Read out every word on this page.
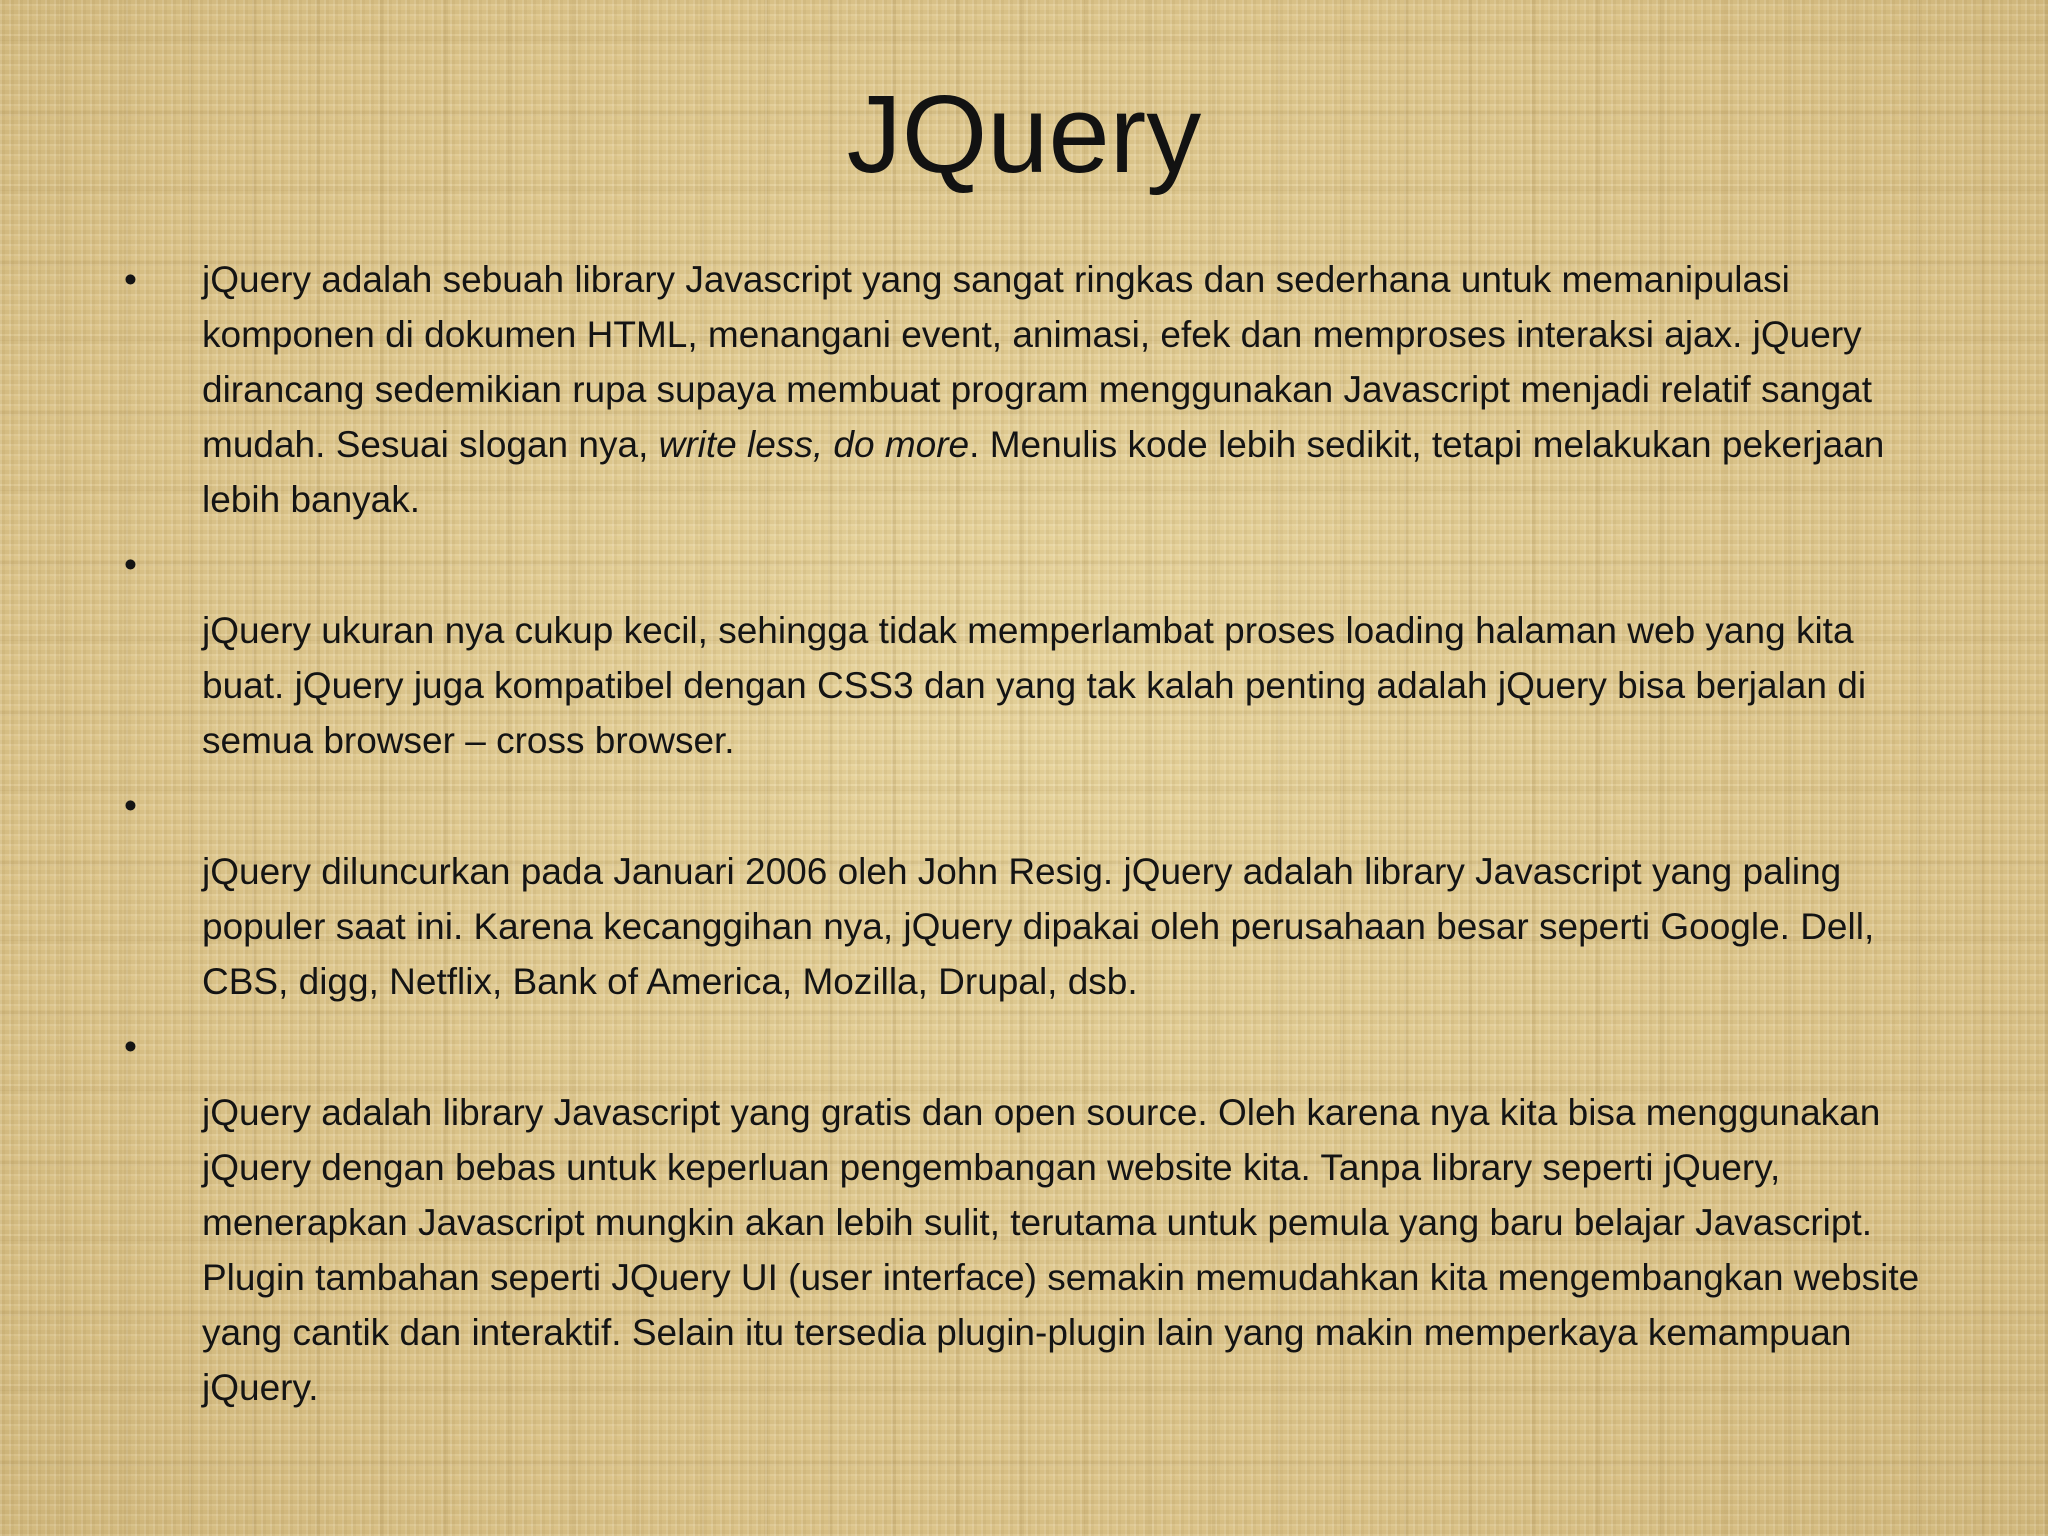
JQuery
• jQuery adalah sebuah library Javascript yang sangat ringkas dan sederhana untuk memanipulasi komponen di dokumen HTML, menangani event, animasi, efek dan memproses interaksi ajax. jQuery dirancang sedemikian rupa supaya membuat program menggunakan Javascript menjadi relatif sangat mudah. Sesuai slogan nya, write less, do more. Menulis kode lebih sedikit, tetapi melakukan pekerjaan lebih banyak.

•

jQuery ukuran nya cukup kecil, sehingga tidak memperlambat proses loading halaman web yang kita buat. jQuery juga kompatibel dengan CSS3 dan yang tak kalah penting adalah jQuery bisa berjalan di semua browser – cross browser.

•

jQuery diluncurkan pada Januari 2006 oleh John Resig. jQuery adalah library Javascript yang paling populer saat ini. Karena kecanggihan nya, jQuery dipakai oleh perusahaan besar seperti Google. Dell, CBS, digg, Netflix, Bank of America, Mozilla, Drupal, dsb.

•

jQuery adalah library Javascript yang gratis dan open source. Oleh karena nya kita bisa menggunakan jQuery dengan bebas untuk keperluan pengembangan website kita. Tanpa library seperti jQuery, menerapkan Javascript mungkin akan lebih sulit, terutama untuk pemula yang baru belajar Javascript. Plugin tambahan seperti JQuery UI (user interface) semakin memudahkan kita mengembangkan website yang cantik dan interaktif. Selain itu tersedia plugin-plugin lain yang makin memperkaya kemampuan jQuery.
